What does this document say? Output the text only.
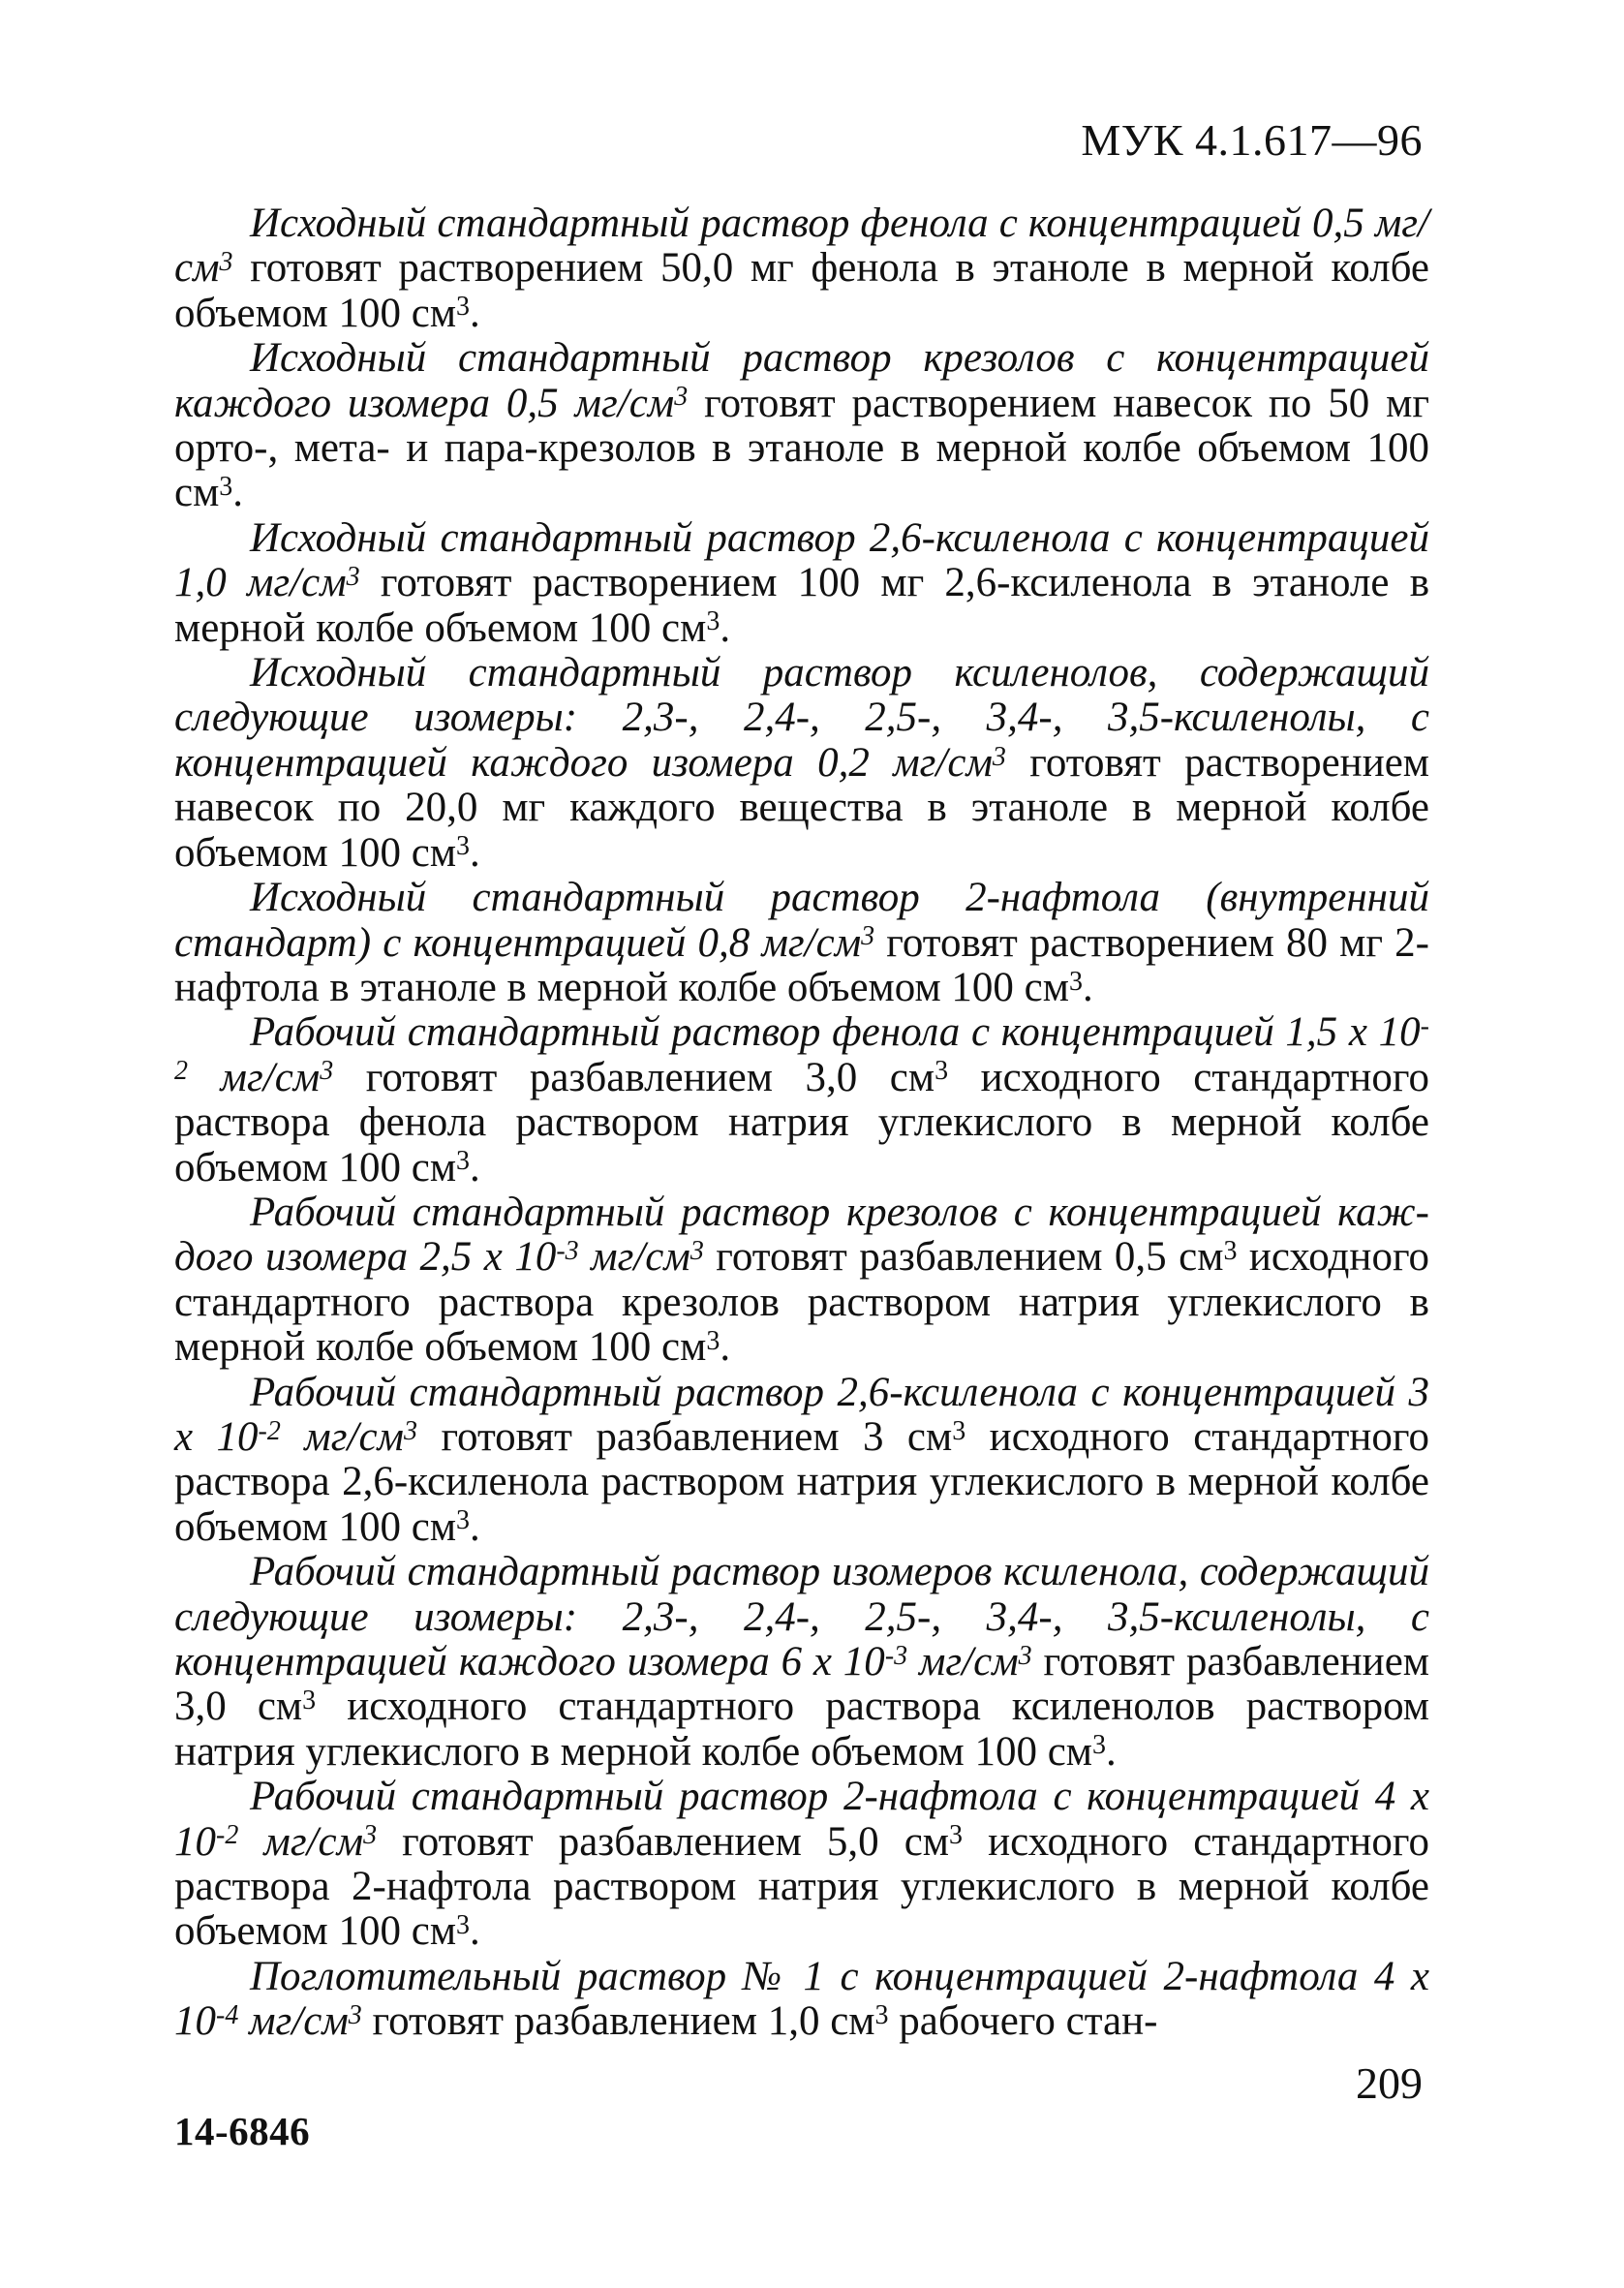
МУК 4.1.617—96

Исходный стандартный раствор фенола с концентрацией 0,5 $мг/см^3$ готовят растворением 50,0 мг фенола в этаноле в мерной колбе объемом 100 $см^3$.

Исходный стандартный раствор крезолов с концентрацией каждого изомера 0,5 $мг/см^3$ готовят растворением навесок по 50 мг орто-, мета- и пара-крезолов в этаноле в мерной колбе объемом 100 $см^3$.

Исходный стандартный раствор 2,6-ксиленола с концентрацией 1,0 $мг/см^3$ готовят растворением 100 мг 2,6-ксиленола в этаноле в мерной колбе объемом 100 $см^3$.

Исходный стандартный раствор ксиленолов, содержащий следующие изомеры: 2,3-, 2,4-, 2,5-, 3,4-, 3,5-ксиленолы, с концентрацией каждого изомера 0,2 $мг/см^3$ готовят растворением навесок по 20,0 мг каждого вещества в этаноле в мерной колбе объемом 100 $см^3$.

Исходный стандартный раствор 2-нафтола (внутренний стандарт) с концентрацией 0,8 $мг/см^3$ готовят растворением 80 мг 2-нафтола в этаноле в мерной колбе объемом 100 $см^3$.

Рабочий стандартный раствор фенола с концентрацией 1,5 х $10^{-2}$ $мг/см^3$ готовят разбавлением 3,0 $см^3$ исходного стандартного раствора фенола раствором натрия углекислого в мерной колбе объемом 100 $см^3$.

Рабочий стандартный раствор крезолов с концентрацией каждого изомера 2,5 х $10^{-3}$ $мг/см^3$ готовят разбавлением 0,5 $см^3$ исходного стандартного раствора крезолов раствором натрия углекислого в мерной колбе объемом 100 $см^3$.

Рабочий стандартный раствор 2,6-ксиленола с концентрацией 3 х $10^{-2}$ $мг/см^3$ готовят разбавлением 3 $см^3$ исходного стандартного раствора 2,6-ксиленола раствором натрия углекислого в мерной колбе объемом 100 $см^3$.

Рабочий стандартный раствор изомеров ксиленола, содержащий следующие изомеры: 2,3-, 2,4-, 2,5-, 3,4-, 3,5-ксиленолы, с концентрацией каждого изомера 6 х $10^{-3}$ $мг/см^3$ готовят разбавлением 3,0 $см^3$ исходного стандартного раствора ксиленолов раствором натрия углекислого в мерной колбе объемом 100 $см^3$.

Рабочий стандартный раствор 2-нафтола с концентрацией 4 х $10^{-2}$ $мг/см^3$ готовят разбавлением 5,0 $см^3$ исходного стандартного раствора 2-нафтола раствором натрия углекислого в мерной колбе объемом 100 $см^3$.

Поглотительный раствор № 1 с концентрацией 2-нафтола 4 х $10^{-4}$ $мг/см^3$ готовят разбавлением 1,0 $см^3$ рабочего стан-

209
14-6846
